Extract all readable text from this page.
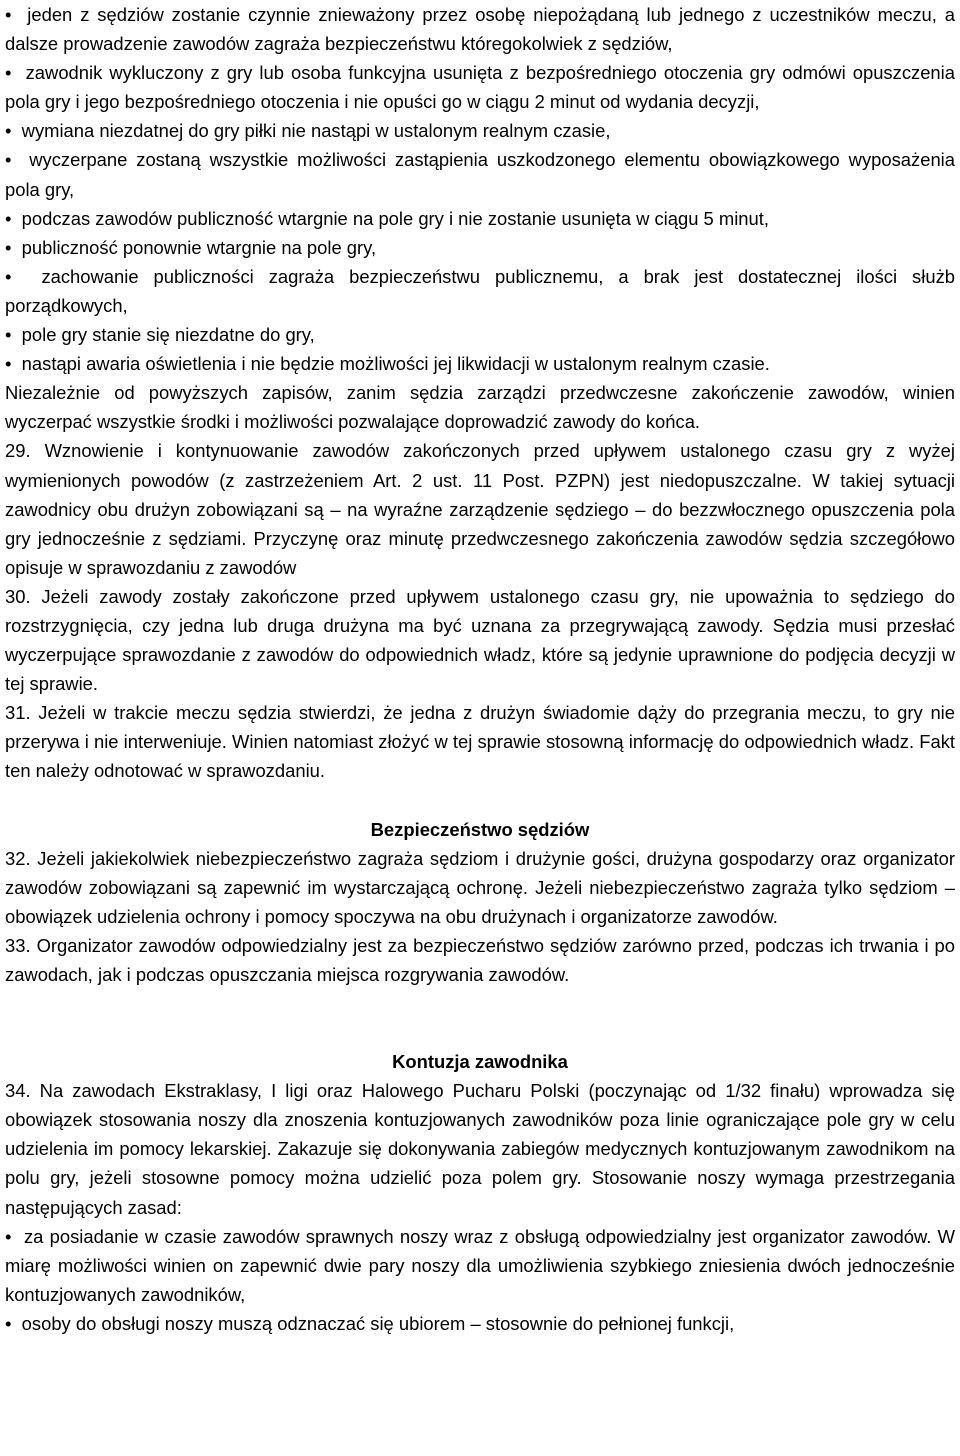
•  jeden z sędziów zostanie czynnie znieważony przez osobę niepożądaną lub jednego z uczestników meczu, a dalsze prowadzenie zawodów zagraża bezpieczeństwu któregokolwiek z sędziów,

•  zawodnik wykluczony z gry lub osoba funkcyjna usunięta z bezpośredniego otoczenia gry odmówi opuszczenia pola gry i jego bezpośredniego otoczenia i nie opuści go w ciągu 2 minut od wydania decyzji,

•  wymiana niezdatnej do gry piłki nie nastąpi w ustalonym realnym czasie,

•  wyczerpane zostaną wszystkie możliwości zastąpienia uszkodzonego elementu obowiązkowego wyposażenia pola gry,

•  podczas zawodów publiczność wtargnie na pole gry i nie zostanie usunięta w ciągu 5 minut,

•  publiczność ponownie wtargnie na pole gry,

•  zachowanie publiczności zagraża bezpieczeństwu publicznemu, a brak jest dostatecznej ilości służb porządkowych,

•  pole gry stanie się niezdatne do gry,

•  nastąpi awaria oświetlenia i nie będzie możliwości jej likwidacji w ustalonym realnym czasie.

Niezależnie od powyższych zapisów, zanim sędzia zarządzi przedwczesne zakończenie zawodów, winien wyczerpać wszystkie środki i możliwości pozwalające doprowadzić zawody do końca.

29. Wznowienie i kontynuowanie zawodów zakończonych przed upływem ustalonego czasu gry z wyżej wymienionych powodów (z zastrzeżeniem Art. 2 ust. 11 Post. PZPN) jest niedopuszczalne. W takiej sytuacji zawodnicy obu drużyn zobowiązani są – na wyraźne zarządzenie sędziego – do bezzwłocznego opuszczenia pola gry jednocześnie z sędziami. Przyczynę oraz minutę przedwczesnego zakończenia zawodów sędzia szczegółowo opisuje w sprawozdaniu z zawodów

30. Jeżeli zawody zostały zakończone przed upływem ustalonego czasu gry, nie upoważnia to sędziego do rozstrzygnięcia, czy jedna lub druga drużyna ma być uznana za przegrywającą zawody. Sędzia musi przesłać wyczerpujące sprawozdanie z zawodów do odpowiednich władz, które są jedynie uprawnione do podjęcia decyzji w tej sprawie.

31. Jeżeli w trakcie meczu sędzia stwierdzi, że jedna z drużyn świadomie dąży do przegrania meczu, to gry nie przerywa i nie interweniuje. Winien natomiast złożyć w tej sprawie stosowną informację do odpowiednich władz. Fakt ten należy odnotować w sprawozdaniu.

Bezpieczeństwo sędziów

32. Jeżeli jakiekolwiek niebezpieczeństwo zagraża sędziom i drużynie gości, drużyna gospodarzy oraz organizator zawodów zobowiązani są zapewnić im wystarczającą ochronę. Jeżeli niebezpieczeństwo zagraża tylko sędziom – obowiązek udzielenia ochrony i pomocy spoczywa na obu drużynach i organizatorze zawodów.

33. Organizator zawodów odpowiedzialny jest za bezpieczeństwo sędziów zarówno przed, podczas ich trwania i po zawodach, jak i podczas opuszczania miejsca rozgrywania zawodów.

Kontuzja zawodnika

34. Na zawodach Ekstraklasy, I ligi oraz Halowego Pucharu Polski (poczynając od 1/32 finału) wprowadza się obowiązek stosowania noszy dla znoszenia kontuzjowanych zawodników poza linie ograniczające pole gry w celu udzielenia im pomocy lekarskiej. Zakazuje się dokonywania zabiegów medycznych kontuzjowanym zawodnikom na polu gry, jeżeli stosowne pomocy można udzielić poza polem gry. Stosowanie noszy wymaga przestrzegania następujących zasad:

•  za posiadanie w czasie zawodów sprawnych noszy wraz z obsługą odpowiedzialny jest organizator zawodów. W miarę możliwości winien on zapewnić dwie pary noszy dla umożliwienia szybkiego zniesienia dwóch jednocześnie kontuzjowanych zawodników,

•  osoby do obsługi noszy muszą odznaczać się ubiorem – stosownie do pełnionej funkcji,
